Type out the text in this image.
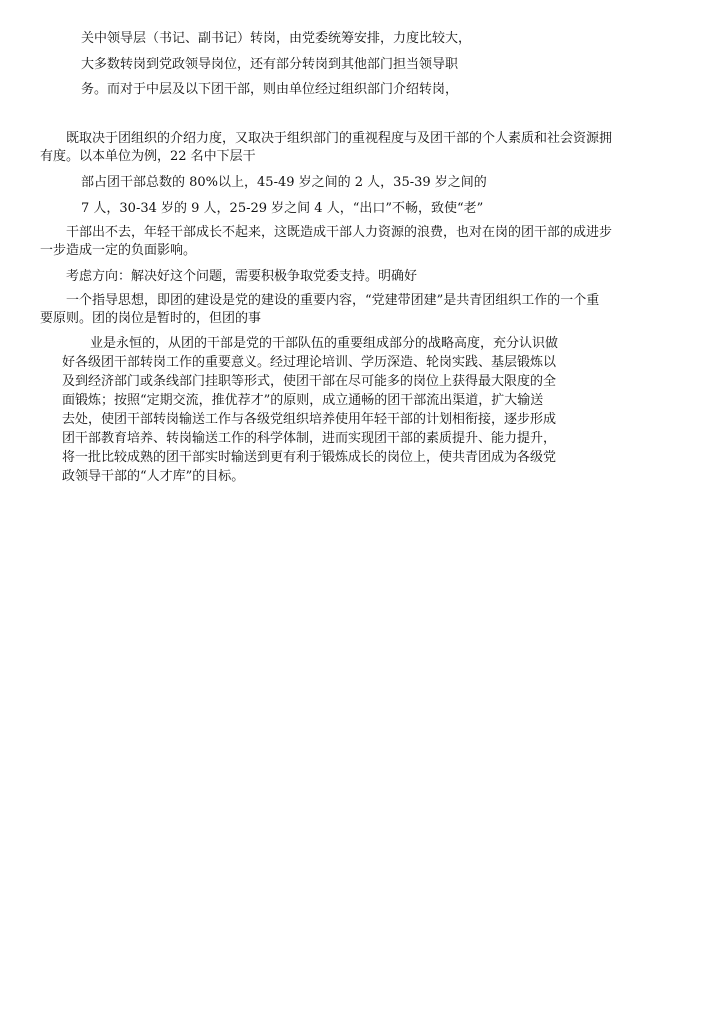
关中领导层（书记、副书记）转岗，由党委统筹安排，力度比较大，
大多数转岗到党政领导岗位，还有部分转岗到其他部门担当领导职
务。而对于中层及以下团干部，则由单位经过组织部门介绍转岗，
既取决于团组织的介绍力度，又取决于组织部门的重视程度与及团干部的个人素质和社会资源拥
有度。以本单位为例，22 名中下层干
部占团干部总数的 80%以上，45-49 岁之间的 2 人，35-39 岁之间的
7 人，30-34 岁的 9 人，25-29 岁之间 4 人，“出口”不畅，致使“老”
干部出不去，年轻干部成长不起来，这既造成干部人力资源的浪费，也对在岗的团干部的成进步
一步造成一定的负面影响。
考虑方向：解决好这个问题，需要积极争取党委支持。明确好
一个指导思想，即团的建设是党的建设的重要内容，“党建带团建”是共青团组织工作的一个重
要原则。团的岗位是暂时的，但团的事
业是永恒的，从团的干部是党的干部队伍的重要组成部分的战略高度，充分认识做
好各级团干部转岗工作的重要意义。经过理论培训、学历深造、轮岗实践、基层锻炼以
及到经济部门或条线部门挂职等形式，使团干部在尽可能多的岗位上获得最大限度的全
面锻炼；按照“定期交流，推优荐才”的原则，成立通畅的团干部流出渠道，扩大输送
去处，使团干部转岗输送工作与各级党组织培养使用年轻干部的计划相衔接，逐步形成
团干部教育培养、转岗输送工作的科学体制，进而实现团干部的素质提升、能力提升，
将一批比较成熟的团干部实时输送到更有利于锻炼成长的岗位上，使共青团成为各级党
政领导干部的“人才库”的目标。
